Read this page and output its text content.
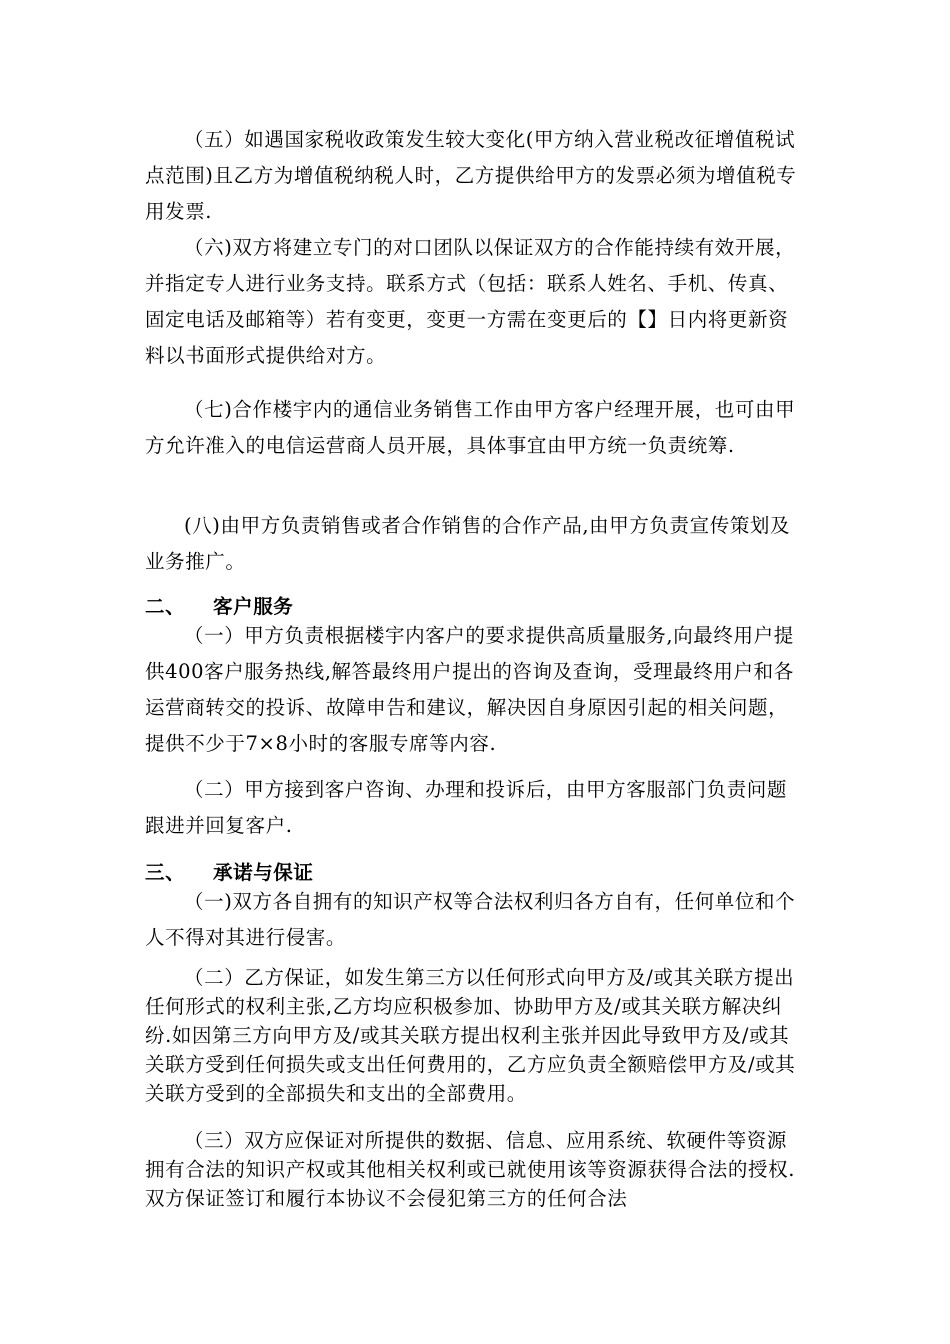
（五）如遇国家税收政策发生较大变化(甲方纳入营业税改征增值税试点范围)且乙方为增值税纳税人时，乙方提供给甲方的发票必须为增值税专用发票.

（六)双方将建立专门的对口团队以保证双方的合作能持续有效开展，并指定专人进行业务支持。联系方式（包括：联系人姓名、手机、传真、固定电话及邮箱等）若有变更，变更一方需在变更后的【】日内将更新资料以书面形式提供给对方。

（七)合作楼宇内的通信业务销售工作由甲方客户经理开展，也可由甲方允许准入的电信运营商人员开展，具体事宜由甲方统一负责统筹.

(八)由甲方负责销售或者合作销售的合作产品,由甲方负责宣传策划及业务推广。

二、 客户服务

（一）甲方负责根据楼宇内客户的要求提供高质量服务,向最终用户提供400客户服务热线,解答最终用户提出的咨询及查询，受理最终用户和各运营商转交的投诉、故障申告和建议，解决因自身原因引起的相关问题，提供不少于7×8小时的客服专席等内容.

（二）甲方接到客户咨询、办理和投诉后，由甲方客服部门负责问题跟进并回复客户.

三、 承诺与保证

（一)双方各自拥有的知识产权等合法权利归各方自有，任何单位和个人不得对其进行侵害。

（二）乙方保证，如发生第三方以任何形式向甲方及/或其关联方提出任何形式的权利主张,乙方均应积极参加、协助甲方及/或其关联方解决纠纷.如因第三方向甲方及/或其关联方提出权利主张并因此导致甲方及/或其关联方受到任何损失或支出任何费用的，乙方应负责全额赔偿甲方及/或其关联方受到的全部损失和支出的全部费用。

（三）双方应保证对所提供的数据、信息、应用系统、软硬件等资源拥有合法的知识产权或其他相关权利或已就使用该等资源获得合法的授权.双方保证签订和履行本协议不会侵犯第三方的任何合法
